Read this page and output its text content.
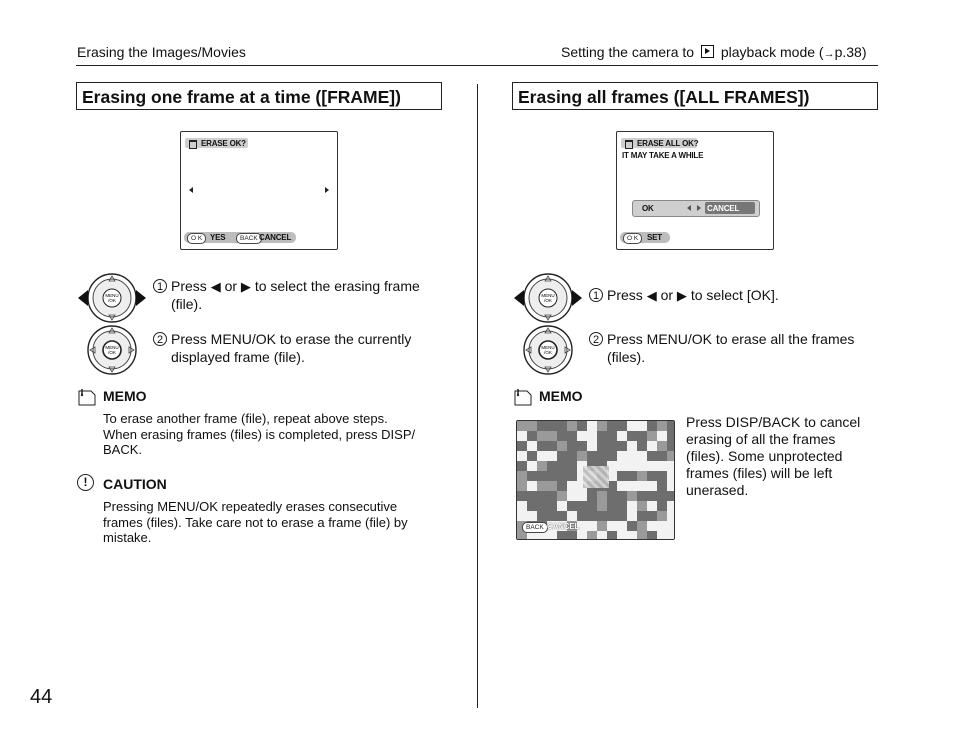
Erasing the Images/Movies	Setting the camera to playback mode (→p.38)
Erasing one frame at a time ([FRAME])
ERASE OK?
O K YES	BACK CANCEL
MENU
/OK
1 Press ◀ or ▶ to select the erasing frame
(file).
MENU
/OK
2 Press MENU/OK to erase the currently
displayed frame (file).
MEMO
To erase another frame (file), repeat above steps.
When erasing frames (files) is completed, press DISP/
BACK.
!	CAUTION
Pressing MENU/OK repeatedly erases consecutive
frames (files). Take care not to erase a frame (file) by
mistake.
Erasing all frames ([ALL FRAMES])
ERASE ALL OK?
IT MAY TAKE A WHILE
OK	CANCEL
O K	SET
MENU
/OK	1 Press ◀ or ▶ to select [OK].
MENU
/OK
2 Press MENU/OK to erase all the frames
(files).
MEMO
BACK CANCEL
Press DISP/BACK to cancel
erasing of all the frames
(files). Some unprotected
frames (files) will be left
unerased.
44
